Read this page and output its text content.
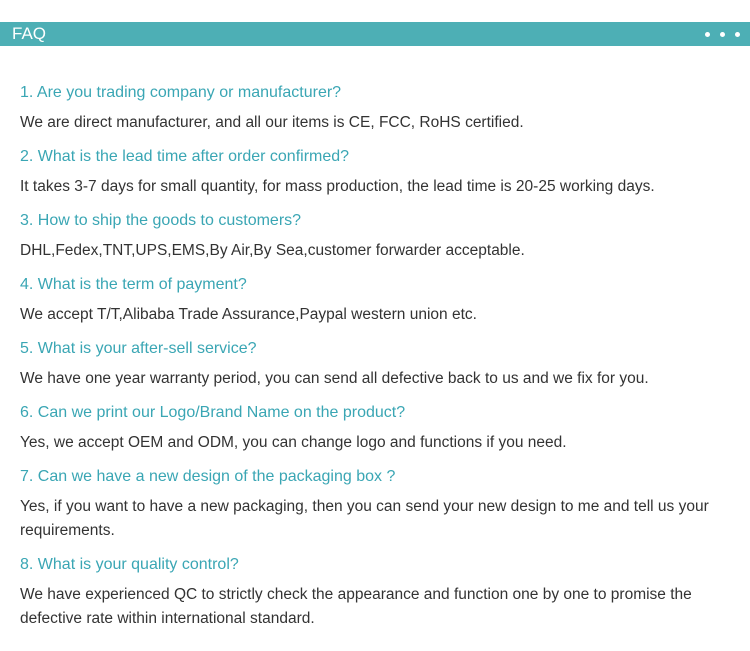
FAQ

1. Are you trading company or manufacturer?

We are direct manufacturer, and all our items is CE, FCC, RoHS certified.

2. What is the lead time after order confirmed?

It takes 3-7 days for small quantity, for mass production, the lead time is 20-25 working days.

3. How to ship the goods to customers?

DHL,Fedex,TNT,UPS,EMS,By Air,By Sea,customer forwarder acceptable.

4. What is the term of payment?

We accept T/T,Alibaba Trade Assurance,Paypal western union etc.

5. What is your after-sell service?

We have one year warranty period, you can send all defective back to us and we fix for you.

6. Can we print our Logo/Brand Name on the product?

Yes, we accept OEM and ODM, you can change logo and functions if you need.

7. Can we have a new design of the packaging box ?

Yes, if you want to have a new packaging, then you can send your new design to me and tell us your requirements.

8. What is your quality control?

We have experienced QC to strictly check the appearance and function one by one to promise the defective rate within international standard.
